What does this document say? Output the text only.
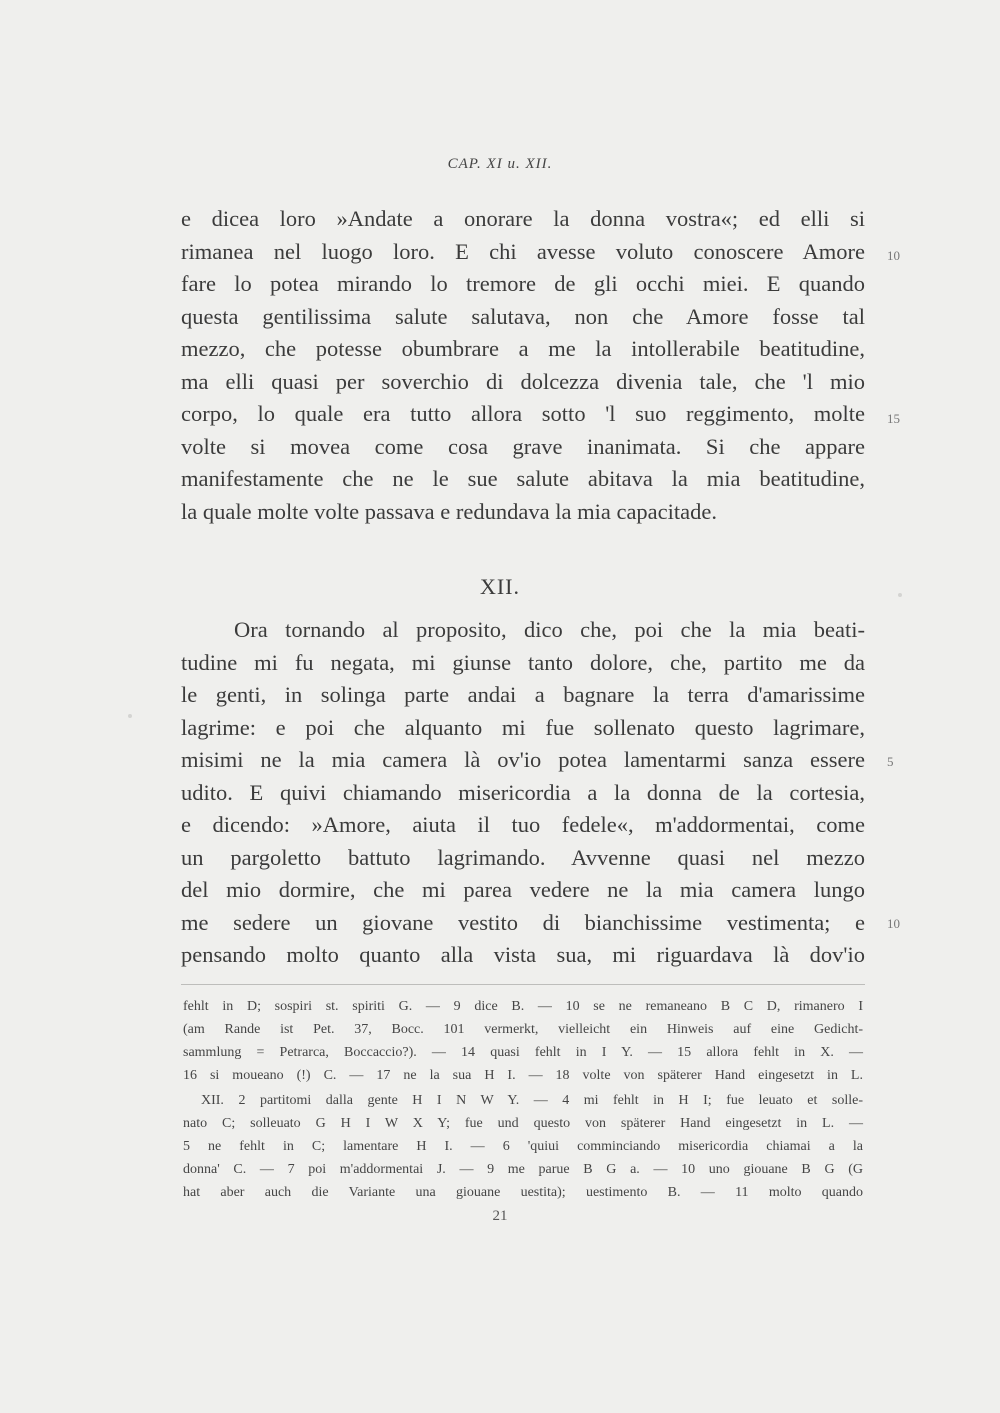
CAP. XI u. XII.
e dicea loro »Andate a onorare la donna vostra«; ed elli si
rimanea nel luogo loro. E chi avesse voluto conoscere Amore
fare lo potea mirando lo tremore de gli occhi miei. E quando
questa gentilissima salute salutava, non che Amore fosse tal
mezzo, che potesse obumbrare a me la intollerabile beatitudine,
ma elli quasi per soverchio di dolcezza divenia tale, che 'l mio
corpo, lo quale era tutto allora sotto 'l suo reggimento, molte
volte si movea come cosa grave inanimata. Si che appare
manifestamente che ne le sue salute abitava la mia beatitudine,
la quale molte volte passava e redundava la mia capacitade.
10
15
XII.
Ora tornando al proposito, dico che, poi che la mia beati-
tudine mi fu negata, mi giunse tanto dolore, che, partito me da
le genti, in solinga parte andai a bagnare la terra d'amarissime
lagrime: e poi che alquanto mi fue sollenato questo lagrimare,
misimi ne la mia camera là ov'io potea lamentarmi sanza essere
udito. E quivi chiamando misericordia a la donna de la cortesia,
e dicendo: »Amore, aiuta il tuo fedele«, m'addormentai, come
un pargoletto battuto lagrimando. Avvenne quasi nel mezzo
del mio dormire, che mi parea vedere ne la mia camera lungo
me sedere un giovane vestito di bianchissime vestimenta; e
pensando molto quanto alla vista sua, mi riguardava là dov'io
5
10
fehlt in D; sospiri st. spiriti G. — 9 dice B. — 10 se ne remaneano B C D, rimanero I
(am Rande ist Pet. 37, Bocc. 101 vermerkt, vielleicht ein Hinweis auf eine Gedicht-
sammlung = Petrarca, Boccaccio?). — 14 quasi fehlt in I Y. — 15 allora fehlt in X. —
16 si moueano (!) C. — 17 ne la sua H I. — 18 volte von späterer Hand eingesetzt in L.
XII. 2 partitomi dalla gente H I N W Y. — 4 mi fehlt in H I; fue leuato et solle-
nato C; solleuato G H I W X Y; fue und questo von späterer Hand eingesetzt in L. —
5 ne fehlt in C; lamentare H I. — 6 'quiui comminciando misericordia chiamai a la
donna' C. — 7 poi m'addormentai J. — 9 me parue B G a. — 10 uno giouane B G (G
hat aber auch die Variante una giouane uestita); uestimento B. — 11 molto quando
21
